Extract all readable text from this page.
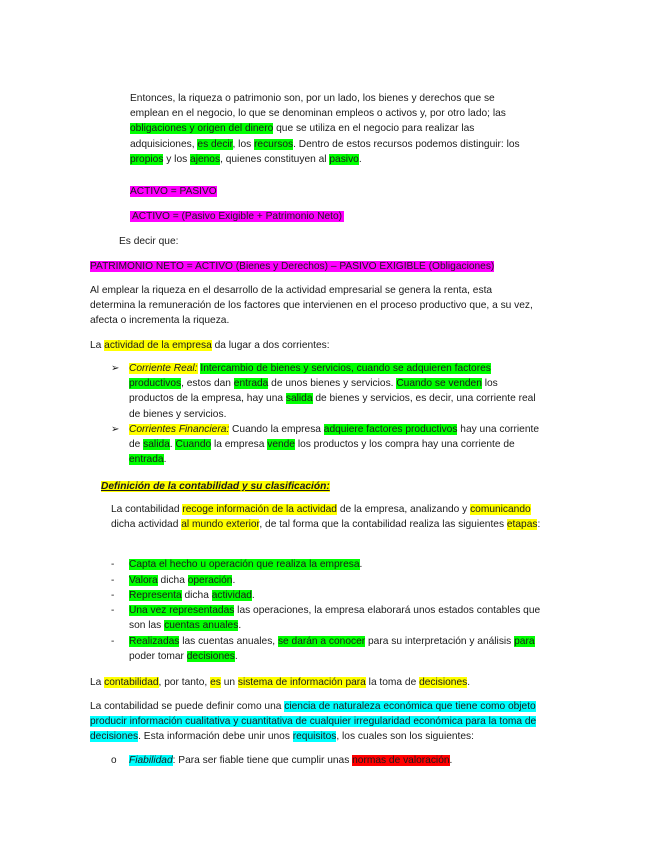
Entonces, la riqueza o patrimonio son, por un lado, los bienes y derechos que se emplean en el negocio, lo que se denominan empleos o activos y, por otro lado; las obligaciones y origen del dinero que se utiliza en el negocio para realizar las adquisiciones, es decir, los recursos. Dentro de estos recursos podemos distinguir: los propios y los ajenos, quienes constituyen al pasivo.

ACTIVO = PASIVO

ACTIVO = (Pasivo Exigible + Patrimonio Neto)

Es decir que:

PATRIMONIO NETO = ACTIVO (Bienes y Derechos) – PASIVO EXIGIBLE (Obligaciones)

Al emplear la riqueza en el desarrollo de la actividad empresarial se genera la renta, esta determina la remuneración de los factores que intervienen en el proceso productivo que, a su vez, afecta o incrementa la riqueza.

La actividad de la empresa da lugar a dos corrientes:

➢ Corriente Real: Intercambio de bienes y servicios, cuando se adquieren factores productivos, estos dan entrada de unos bienes y servicios. Cuando se venden los productos de la empresa, hay una salida de bienes y servicios, es decir, una corriente real de bienes y servicios.

➢ Corrientes Financiera: Cuando la empresa adquiere factores productivos hay una corriente de salida. Cuando la empresa vende los productos y los compra hay una corriente de entrada.

Definición de la contabilidad y su clasificación:

La contabilidad recoge información de la actividad de la empresa, analizando y comunicando dicha actividad al mundo exterior, de tal forma que la contabilidad realiza las siguientes etapas:

- Capta el hecho u operación que realiza la empresa.

- Valora dicha operación.

- Representa dicha actividad.

- Una vez representadas las operaciones, la empresa elaborará unos estados contables que son las cuentas anuales.

- Realizadas las cuentas anuales, se darán a conocer para su interpretación y análisis para poder tomar decisiones.

La contabilidad, por tanto, es un sistema de información para la toma de decisiones.

La contabilidad se puede definir como una ciencia de naturaleza económica que tiene como objeto producir información cualitativa y cuantitativa de cualquier irregularidad económica para la toma de decisiones. Esta información debe unir unos requisitos, los cuales son los siguientes:

o Fiabilidad: Para ser fiable tiene que cumplir unas normas de valoración.
